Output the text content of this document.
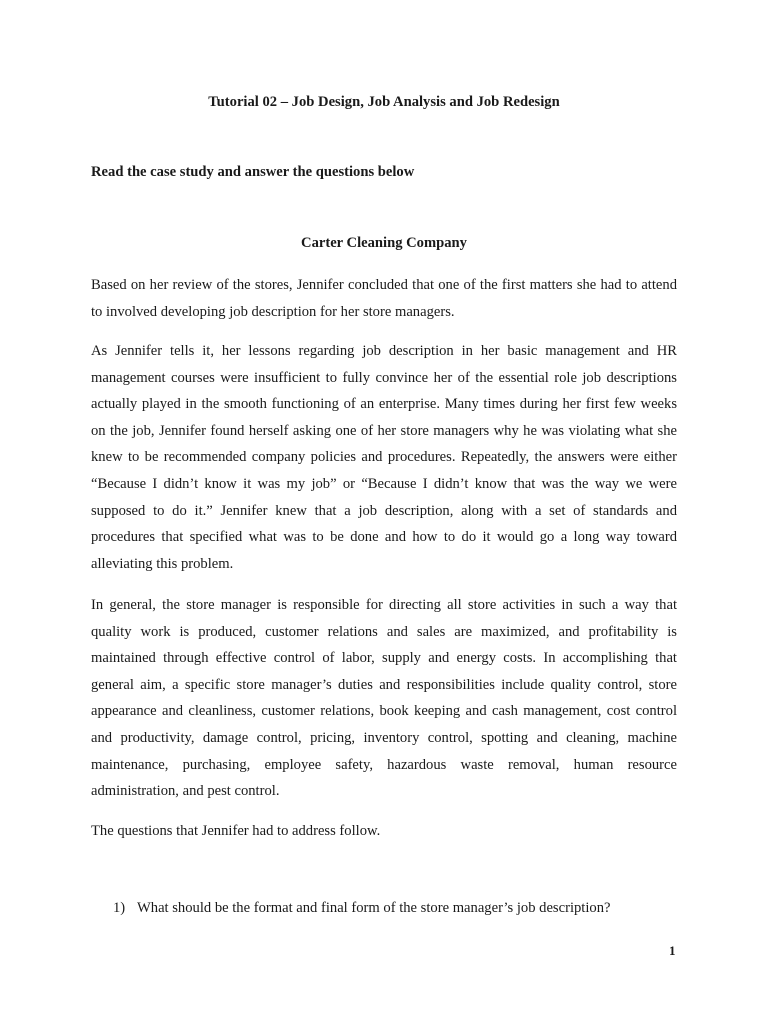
Tutorial 02 – Job Design, Job Analysis and Job Redesign
Read the case study and answer the questions below
Carter Cleaning Company

Based on her review of the stores, Jennifer concluded that one of the first matters she had to attend to involved developing job description for her store managers.

As Jennifer tells it, her lessons regarding job description in her basic management and HR management courses were insufficient to fully convince her of the essential role job descriptions actually played in the smooth functioning of an enterprise. Many times during her first few weeks on the job, Jennifer found herself asking one of her store managers why he was violating what she knew to be recommended company policies and procedures. Repeatedly, the answers were either “Because I didn’t know it was my job” or “Because I didn’t know that was the way we were supposed to do it.” Jennifer knew that a job description, along with a set of standards and procedures that specified what was to be done and how to do it would go a long way toward alleviating this problem.

In general, the store manager is responsible for directing all store activities in such a way that quality work is produced, customer relations and sales are maximized, and profitability is maintained through effective control of labor, supply and energy costs. In accomplishing that general aim, a specific store manager’s duties and responsibilities include quality control, store appearance and cleanliness, customer relations, book keeping and cash management, cost control and productivity, damage control, pricing, inventory control, spotting and cleaning, machine maintenance, purchasing, employee safety, hazardous waste removal, human resource administration, and pest control.

The questions that Jennifer had to address follow.

1) What should be the format and final form of the store manager’s job description?
1
